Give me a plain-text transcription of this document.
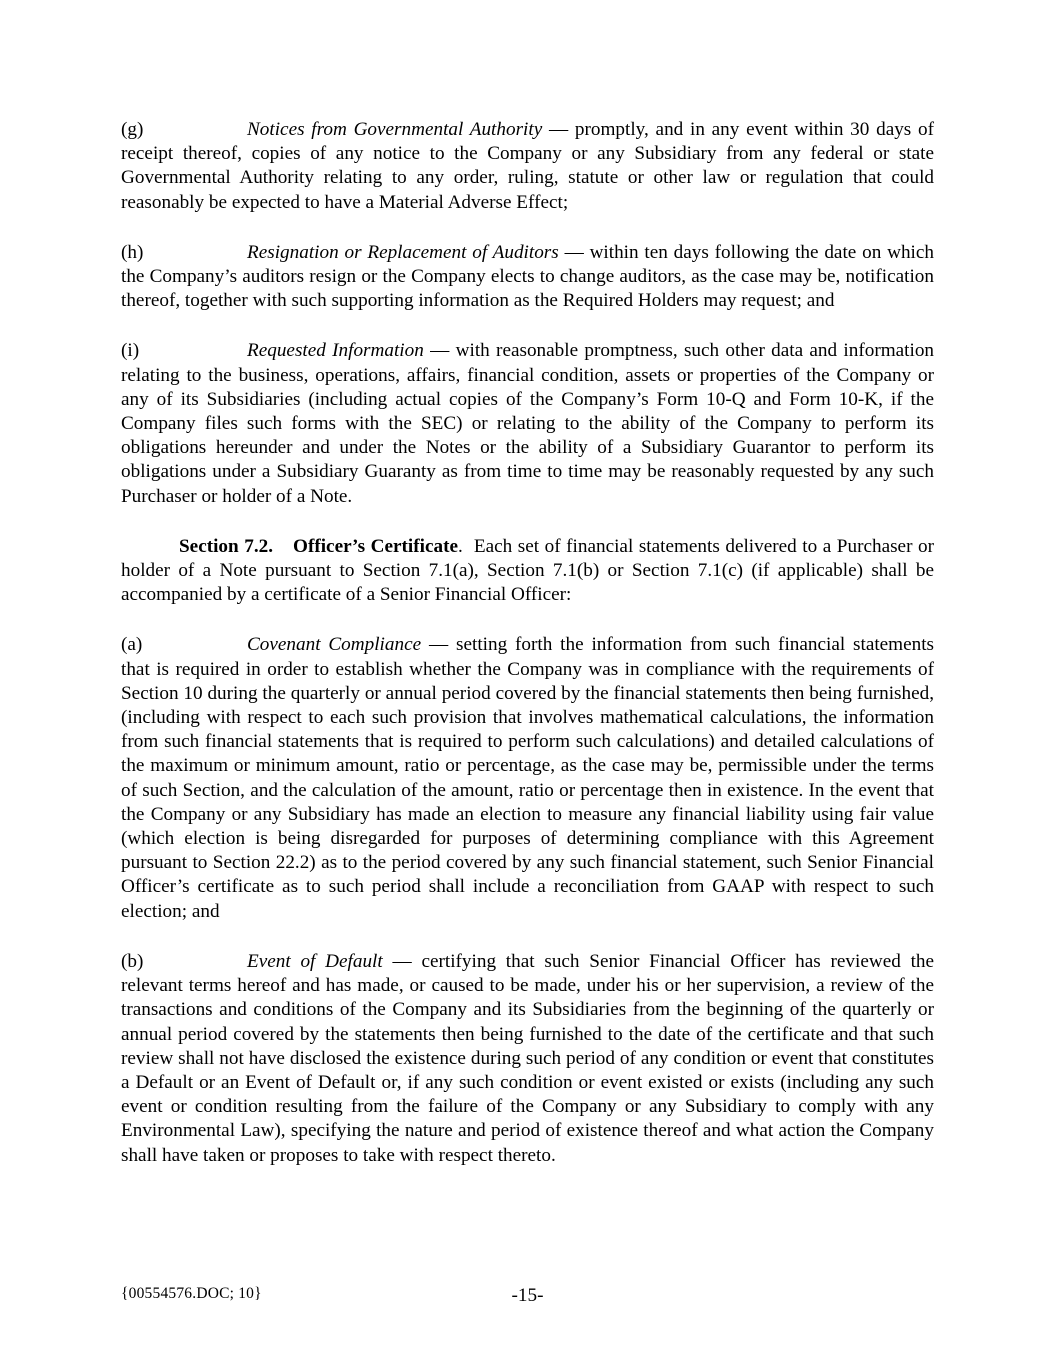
(g)	Notices from Governmental Authority — promptly, and in any event within 30 days of receipt thereof, copies of any notice to the Company or any Subsidiary from any federal or state Governmental Authority relating to any order, ruling, statute or other law or regulation that could reasonably be expected to have a Material Adverse Effect;

(h)	Resignation or Replacement of Auditors — within ten days following the date on which the Company’s auditors resign or the Company elects to change auditors, as the case may be, notification thereof, together with such supporting information as the Required Holders may request; and

(i)	Requested Information — with reasonable promptness, such other data and information relating to the business, operations, affairs, financial condition, assets or properties of the Company or any of its Subsidiaries (including actual copies of the Company’s Form 10-Q and Form 10-K, if the Company files such forms with the SEC) or relating to the ability of the Company to perform its obligations hereunder and under the Notes or the ability of a Subsidiary Guarantor to perform its obligations under a Subsidiary Guaranty as from time to time may be reasonably requested by any such Purchaser or holder of a Note.

Section 7.2. Officer’s Certificate. Each set of financial statements delivered to a Purchaser or holder of a Note pursuant to Section 7.1(a), Section 7.1(b) or Section 7.1(c) (if applicable) shall be accompanied by a certificate of a Senior Financial Officer:

(a)	Covenant Compliance — setting forth the information from such financial statements that is required in order to establish whether the Company was in compliance with the requirements of Section 10 during the quarterly or annual period covered by the financial statements then being furnished, (including with respect to each such provision that involves mathematical calculations, the information from such financial statements that is required to perform such calculations) and detailed calculations of the maximum or minimum amount, ratio or percentage, as the case may be, permissible under the terms of such Section, and the calculation of the amount, ratio or percentage then in existence. In the event that the Company or any Subsidiary has made an election to measure any financial liability using fair value (which election is being disregarded for purposes of determining compliance with this Agreement pursuant to Section 22.2) as to the period covered by any such financial statement, such Senior Financial Officer’s certificate as to such period shall include a reconciliation from GAAP with respect to such election; and

(b)	Event of Default — certifying that such Senior Financial Officer has reviewed the relevant terms hereof and has made, or caused to be made, under his or her supervision, a review of the transactions and conditions of the Company and its Subsidiaries from the beginning of the quarterly or annual period covered by the statements then being furnished to the date of the certificate and that such review shall not have disclosed the existence during such period of any condition or event that constitutes a Default or an Event of Default or, if any such condition or event existed or exists (including any such event or condition resulting from the failure of the Company or any Subsidiary to comply with any Environmental Law), specifying the nature and period of existence thereof and what action the Company shall have taken or proposes to take with respect thereto.

{00554576.DOC; 10}	-15-
